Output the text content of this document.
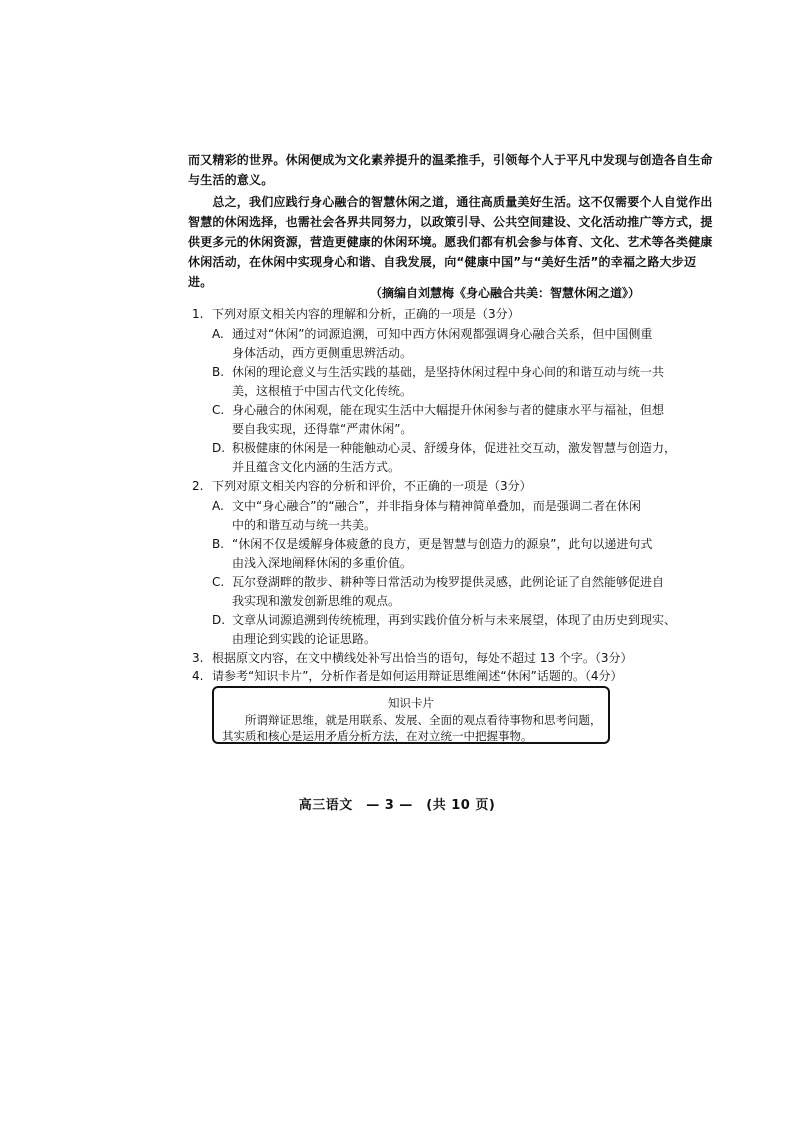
而又精彩的世界。休闲便成为文化素养提升的温柔推手，引领每个人于平凡中发现与创造各自生命
与生活的意义。
　　总之，我们应践行身心融合的智慧休闲之道，通往高质量美好生活。这不仅需要个人自觉作出
智慧的休闲选择，也需社会各界共同努力，以政策引导、公共空间建设、文化活动推广等方式，提
供更多元的休闲资源，营造更健康的休闲环境。愿我们都有机会参与体育、文化、艺术等各类健康
休闲活动，在休闲中实现身心和谐、自我发展，向“健康中国”与“美好生活”的幸福之路大步迈
进。
（摘编自刘慧梅《身心融合共美：智慧休闲之道》）
1. 下列对原文相关内容的理解和分析，正确的一项是（3分）
A. 通过对“休闲”的词源追溯，可知中西方休闲观都强调身心融合关系，但中国侧重
身体活动，西方更侧重思辨活动。
B. 休闲的理论意义与生活实践的基础，是坚持休闲过程中身心间的和谐互动与统一共
美，这根植于中国古代文化传统。
C. 身心融合的休闲观，能在现实生活中大幅提升休闲参与者的健康水平与福祉，但想
要自我实现，还得靠“严肃休闲”。
D. 积极健康的休闲是一种能触动心灵、舒缓身体，促进社交互动，激发智慧与创造力，
并且蕴含文化内涵的生活方式。
2. 下列对原文相关内容的分析和评价，不正确的一项是（3分）
A. 文中“身心融合”的“融合”，并非指身体与精神简单叠加，而是强调二者在休闲
中的和谐互动与统一共美。
B. “休闲不仅是缓解身体疲惫的良方，更是智慧与创造力的源泉”，此句以递进句式
由浅入深地阐释休闲的多重价值。
C. 瓦尔登湖畔的散步、耕种等日常活动为梭罗提供灵感，此例论证了自然能够促进自
我实现和激发创新思维的观点。
D. 文章从词源追溯到传统梳理，再到实践价值分析与未来展望，体现了由历史到现实、
由理论到实践的论证思路。
3. 根据原文内容，在文中横线处补写出恰当的语句，每处不超过 13 个字。（3分）
4. 请参考“知识卡片”，分析作者是如何运用辩证思维阐述“休闲”话题的。（4分）
知识卡片
　　所谓辩证思维，就是用联系、发展、全面的观点看待事物和思考问题，
其实质和核心是运用矛盾分析方法，在对立统一中把握事物。
高三语文　— 3 —　(共 10 页)
